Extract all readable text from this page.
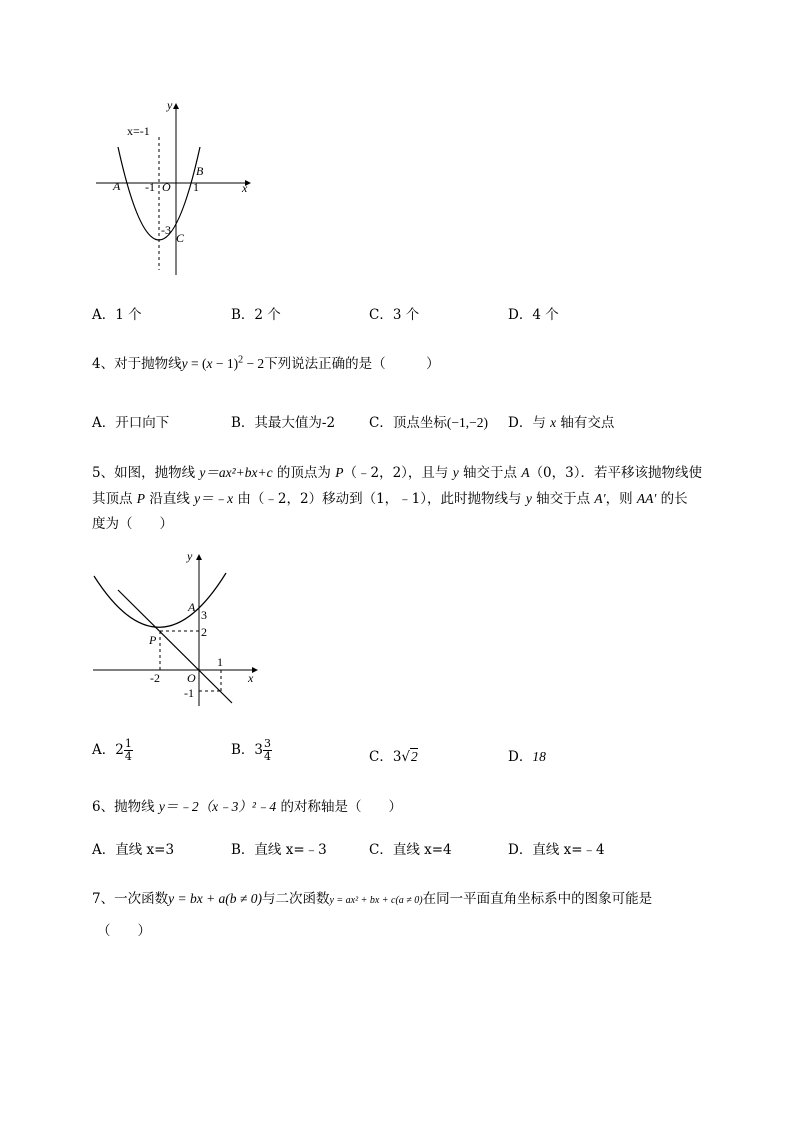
y
x
x=-1
A
B
C
O
-1	1
-3
A．1 个	B．2 个	C．3 个	D．4 个
4、对于抛物线$y = (x - 1)^2 - 2$下列说法正确的是（　　　）
A．开口向下	B．其最大值为-2	C．顶点坐标(−1,−2) D．与 x 轴有交点
5、如图，抛物线 y＝ax²+bx+c 的顶点为 P（﹣2，2），且与 y 轴交于点 A（0，3）．若平移该抛物线使
其顶点 P 沿直线 y＝﹣x 由（﹣2，2）移动到（1，﹣1），此时抛物线与 y 轴交于点 A′，则 AA′ 的长
度为（　　）
y
x
O
A
P
3
2
1
-2
-1
A．$2 \frac{1}{4}$	B．$3 \frac{3}{4}$	C．3√2	D．18
6、抛物线 y＝﹣2（x﹣3）²﹣4 的对称轴是（　　）
A．直线 x=3	B．直线 x=﹣3	C．直线 x=4	D．直线 x=﹣4
7、一次函数y = bx + a(b ≠ 0)与二次函数y = ax² + bx + c(a ≠ 0)在同一平面直角坐标系中的图象可能是
（　　）
